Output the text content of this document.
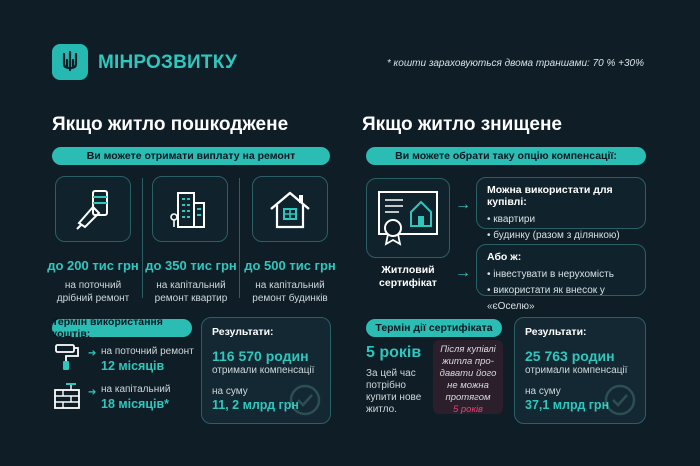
МІНРОЗВИТКУ	* кошти зараховуються двома траншами: 70 % +30%
Якщо житло пошкоджене
Ви можете отримати виплату на ремонт
до 200 тис грн
на поточний
дрібний ремонт
до 350 тис грн
на капітальний
ремонт квартир
до 500 тис грн
на капітальний
ремонт будинків
Термін використання коштів:
➔ на поточний ремонт
12 місяців
➔ на капітальний
18 місяців*
Результати:
116 570 родин
отримали компенсації
на суму
11, 2 млрд грн
Якщо житло знищене
Ви можете обрати таку опцію компенсації:
Житловий
сертифікат
→
→
Можна використати для купівлі:
• квартири
• будинку (разом з ділянкою)
Або ж:
• інвестувати в нерухомість
• використати як внесок у «єОселю»
Термін дії сертифіката
5 років
За цей час
потрібно
купити нове
житло.
Після купівлі
житла про-
давати його
не можна
протягом
5 років
Результати:
25 763 родин
отримали компенсації
на суму
37,1 млрд грн
